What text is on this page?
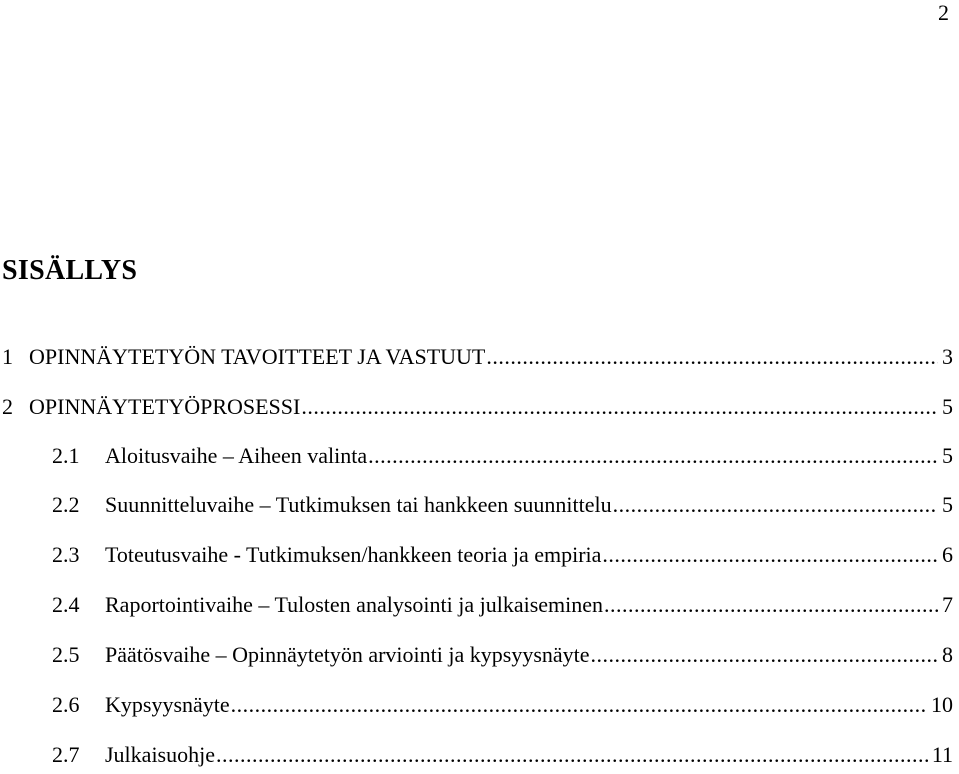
2
SISÄLLYS
1 OPINNÄYTETYÖN TAVOITTEET JA VASTUUT .....	3
2 OPINNÄYTETYÖPROSESSI .....	5
2.1	Aloitusvaihe – Aiheen valinta .....	5
2.2	Suunnitteluvaihe – Tutkimuksen tai hankkeen suunnittelu .....	5
2.3	Toteutusvaihe - Tutkimuksen/hankkeen teoria ja empiria .....	6
2.4	Raportointivaihe – Tulosten analysointi ja julkaiseminen .....	7
2.5	Päätösvaihe – Opinnäytetyön arviointi ja kypsyysnäyte .....	8
2.6	Kypsyysnäyte .....	10
2.7	Julkaisuohje .....	11
